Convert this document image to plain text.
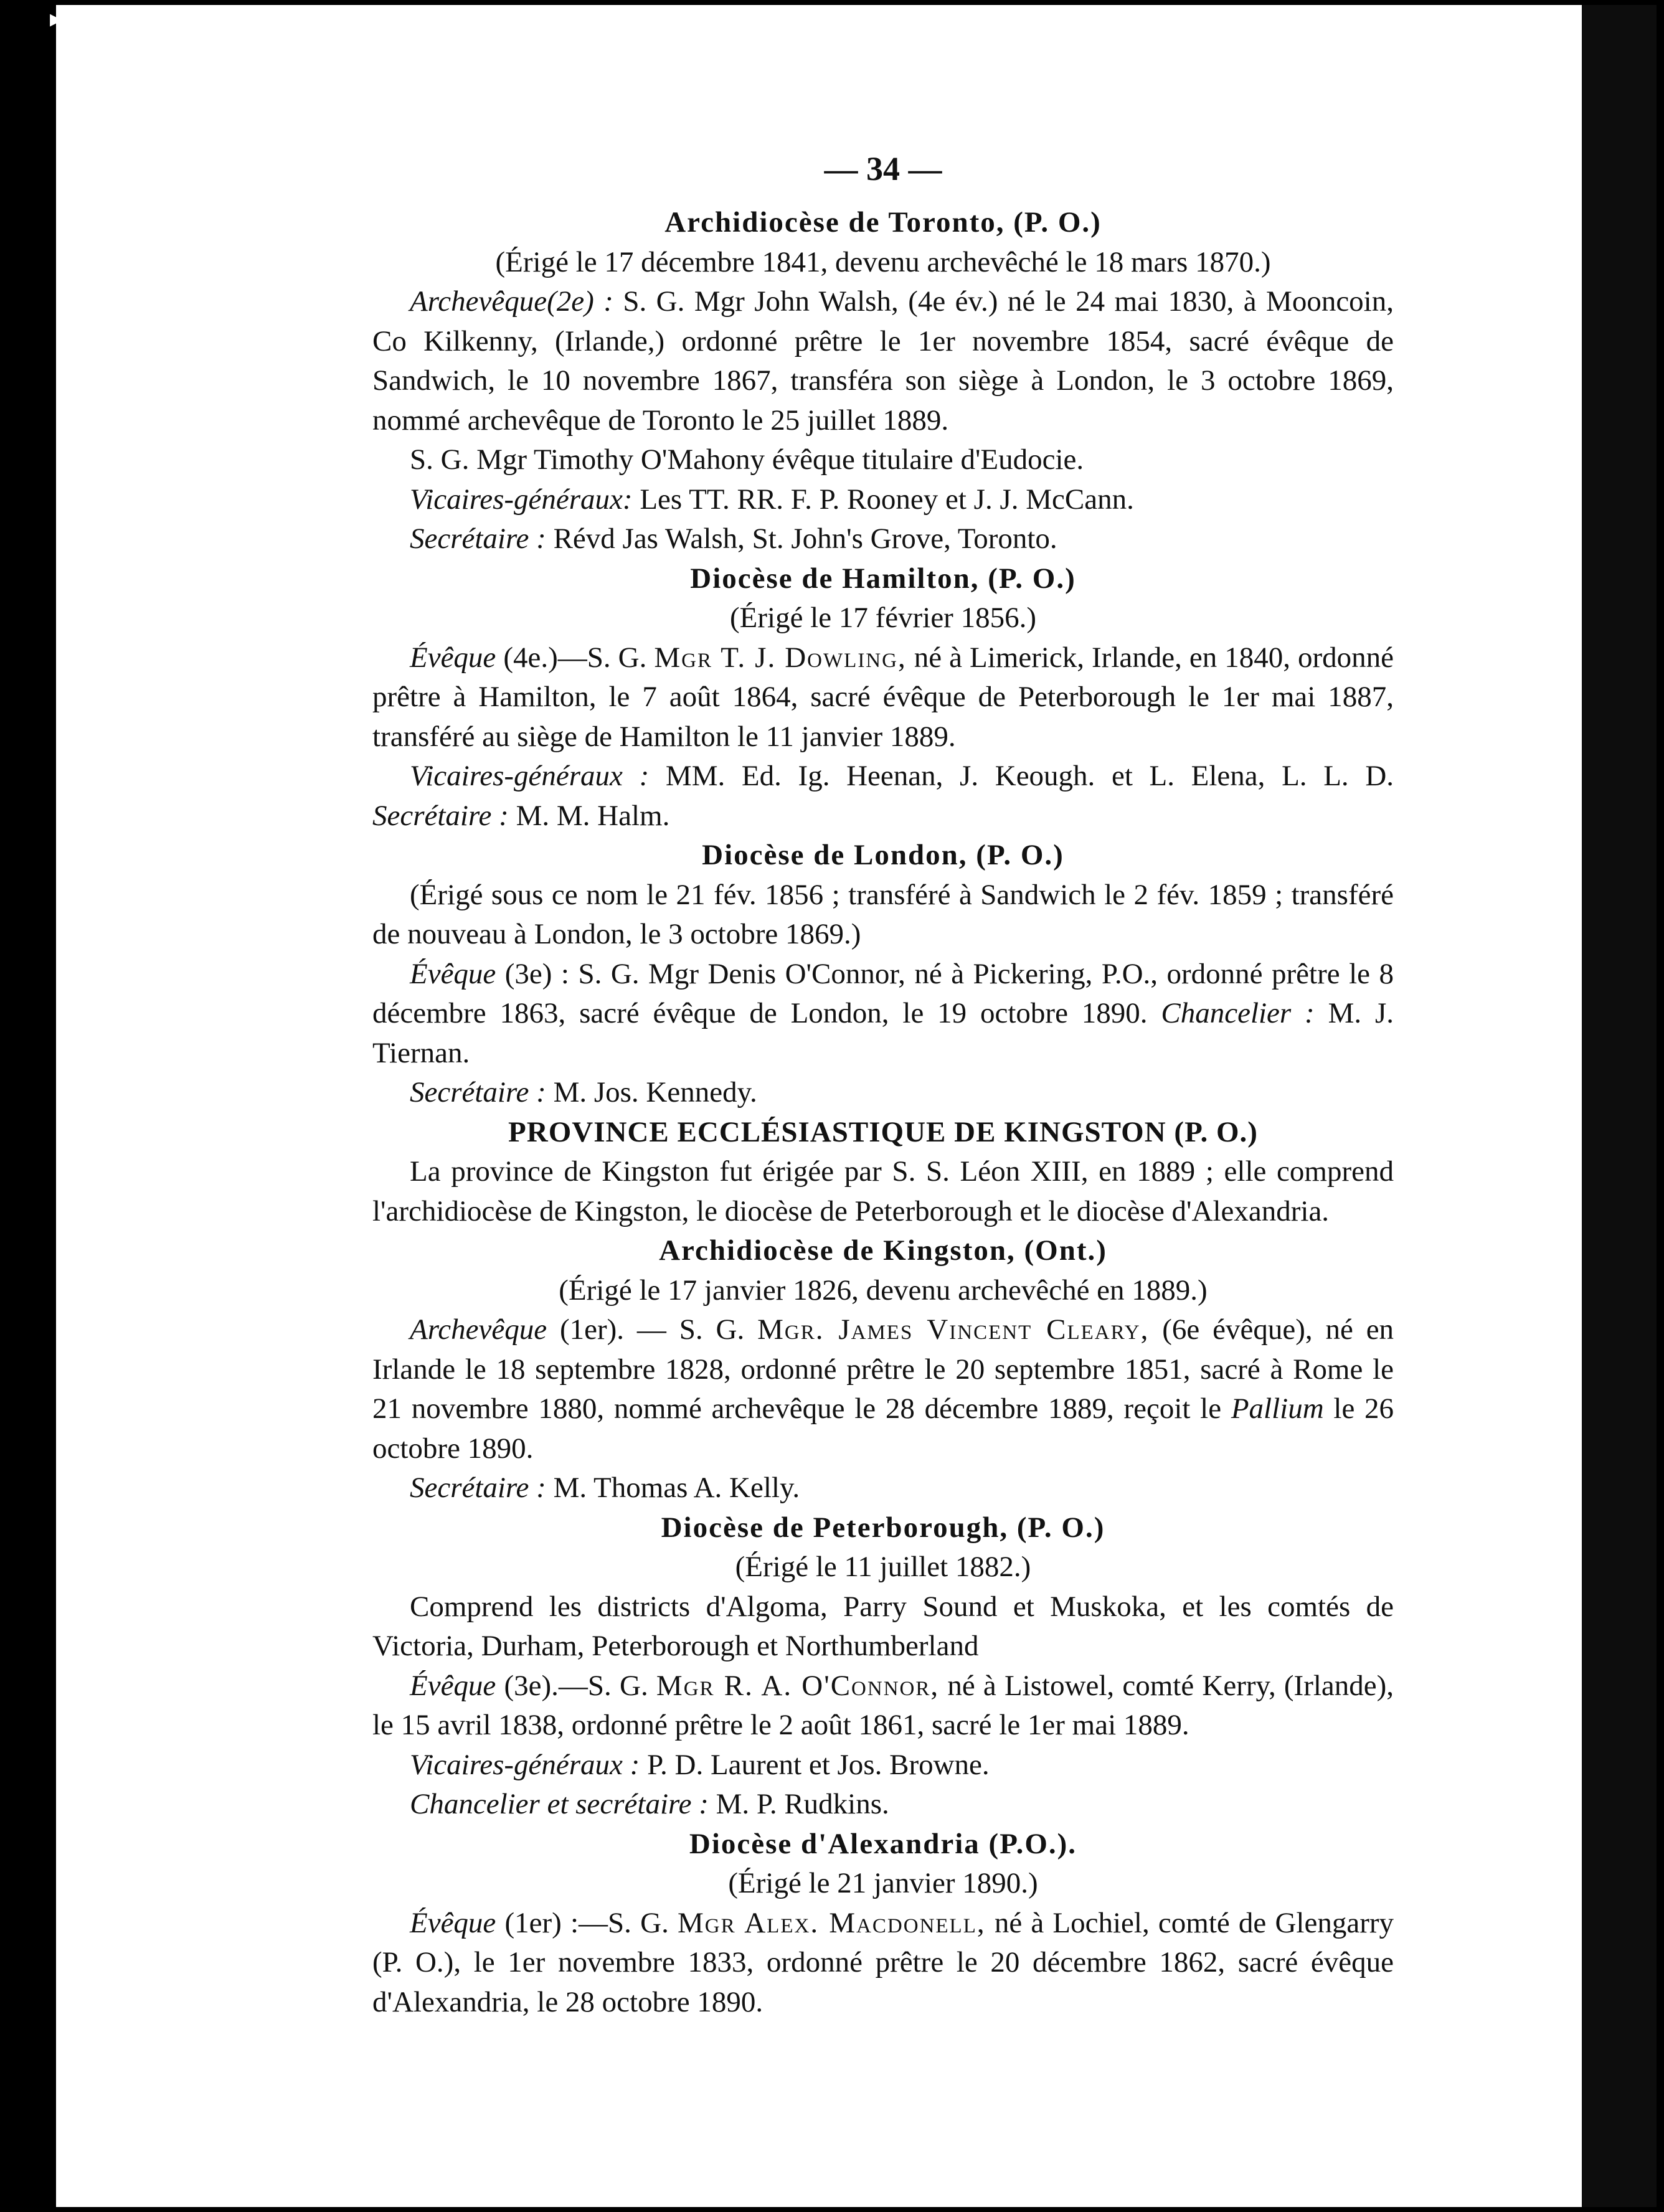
— 34 —
Archidiocèse de Toronto, (P. O.)
(Érigé le 17 décembre 1841, devenu archevêché le 18 mars 1870.)
Archevêque(2e) : S. G. Mgr John Walsh, (4e év.) né le 24 mai 1830, à Mooncoin, Co Kilkenny, (Irlande,) ordonné prêtre le 1er novembre 1854, sacré évêque de Sandwich, le 10 novembre 1867, transféra son siège à London, le 3 octobre 1869, nommé archevêque de Toronto le 25 juillet 1889.
S. G. Mgr Timothy O'Mahony évêque titulaire d'Eudocie.
Vicaires-généraux: Les TT. RR. F. P. Rooney et J. J. McCann.
Secrétaire : Révd Jas Walsh, St. John's Grove, Toronto.
Diocèse de Hamilton, (P. O.)
(Érigé le 17 février 1856.)
Évêque (4e.)—S. G. Mgr T. J. Dowling, né à Limerick, Irlande, en 1840, ordonné prêtre à Hamilton, le 7 août 1864, sacré évêque de Peterborough le 1er mai 1887, transféré au siège de Hamilton le 11 janvier 1889.
Vicaires-généraux : MM. Ed. Ig. Heenan, J. Keough. et L. Elena, L. L. D. Secrétaire : M. M. Halm.
Diocèse de London, (P. O.)
(Érigé sous ce nom le 21 fév. 1856 ; transféré à Sandwich le 2 fév. 1859 ; transféré de nouveau à London, le 3 octobre 1869.)
Évêque (3e) : S. G. Mgr Denis O'Connor, né à Pickering, P.O., ordonné prêtre le 8 décembre 1863, sacré évêque de London, le 19 octobre 1890. Chancelier : M. J. Tiernan.
Secrétaire : M. Jos. Kennedy.
PROVINCE ECCLÉSIASTIQUE DE KINGSTON (P. O.)
La province de Kingston fut érigée par S. S. Léon XIII, en 1889 ; elle comprend l'archidiocèse de Kingston, le diocèse de Peterborough et le diocèse d'Alexandria.
Archidiocèse de Kingston, (Ont.)
(Érigé le 17 janvier 1826, devenu archevêché en 1889.)
Archevêque (1er). — S. G. Mgr. James Vincent Cleary, (6e évêque), né en Irlande le 18 septembre 1828, ordonné prêtre le 20 septembre 1851, sacré à Rome le 21 novembre 1880, nommé archevêque le 28 décembre 1889, reçoit le Pallium le 26 octobre 1890.
Secrétaire : M. Thomas A. Kelly.
Diocèse de Peterborough, (P. O.)
(Érigé le 11 juillet 1882.)
Comprend les districts d'Algoma, Parry Sound et Muskoka, et les comtés de Victoria, Durham, Peterborough et Northumberland
Évêque (3e).—S. G. Mgr R. A. O'Connor, né à Listowel, comté Kerry, (Irlande), le 15 avril 1838, ordonné prêtre le 2 août 1861, sacré le 1er mai 1889.
Vicaires-généraux : P. D. Laurent et Jos. Browne.
Chancelier et secrétaire : M. P. Rudkins.
Diocèse d'Alexandria (P.O.).
(Érigé le 21 janvier 1890.)
Évêque (1er) :—S. G. Mgr Alex. Macdonell, né à Lochiel, comté de Glengarry (P. O.), le 1er novembre 1833, ordonné prêtre le 20 décembre 1862, sacré évêque d'Alexandria, le 28 octobre 1890.
▸
